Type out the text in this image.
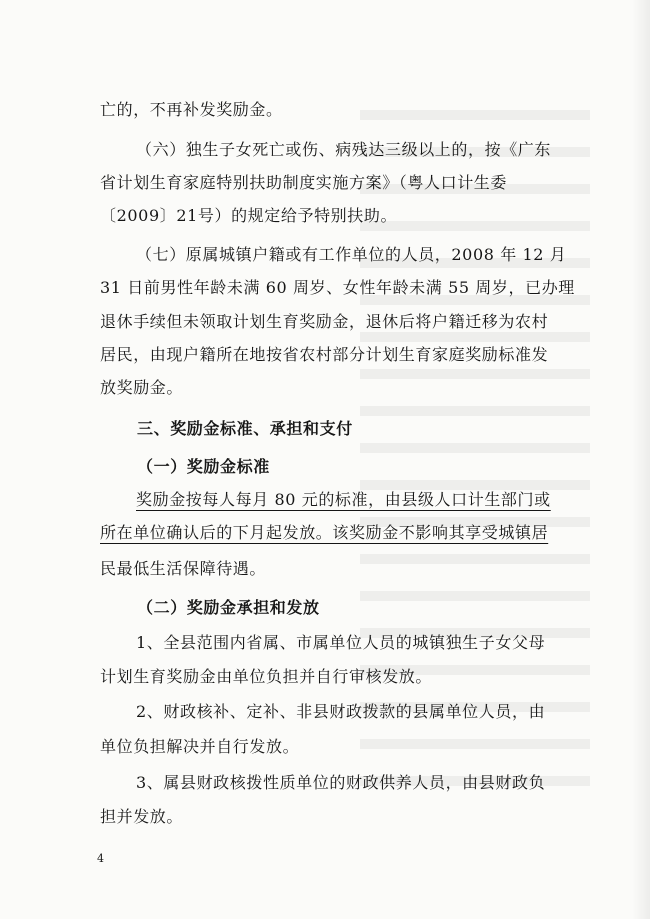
亡的，不再补发奖励金。
（六）独生子女死亡或伤、病残达三级以上的，按《广东
省计划生育家庭特别扶助制度实施方案》（粤人口计生委
〔2009〕21号）的规定给予特别扶助。
（七）原属城镇户籍或有工作单位的人员，2008 年 12 月
31 日前男性年龄未满 60 周岁、女性年龄未满 55 周岁，已办理
退休手续但未领取计划生育奖励金，退休后将户籍迁移为农村
居民，由现户籍所在地按省农村部分计划生育家庭奖励标准发
放奖励金。
三、奖励金标准、承担和支付
（一）奖励金标准
奖励金按每人每月 80 元的标准，由县级人口计生部门或
所在单位确认后的下月起发放。该奖励金不影响其享受城镇居
民最低生活保障待遇。
（二）奖励金承担和发放
1、全县范围内省属、市属单位人员的城镇独生子女父母
计划生育奖励金由单位负担并自行审核发放。
2、财政核补、定补、非县财政拨款的县属单位人员，由
单位负担解决并自行发放。
3、属县财政核拨性质单位的财政供养人员，由县财政负
担并发放。
4
